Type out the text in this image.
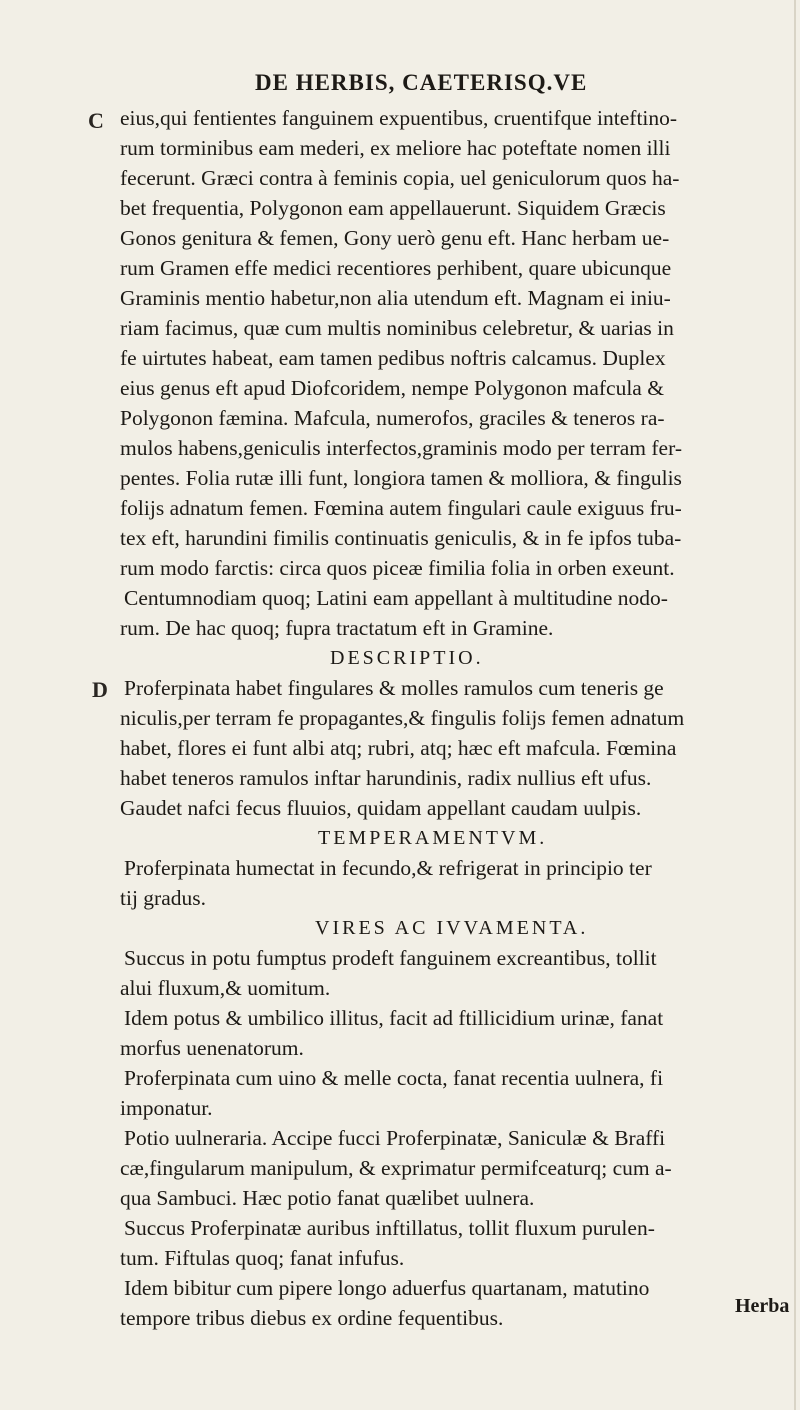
DE HERBIS, CAETERISQ.VE
C
D
eius,qui fentientes fanguinem expuentibus, cruentifque inteftino-
rum torminibus eam mederi, ex meliore hac poteftate nomen illi
fecerunt. Græci contra à feminis copia, uel geniculorum quos ha-
bet frequentia, Polygonon eam appellauerunt. Siquidem Græcis
Gonos genitura & femen, Gony uerò genu eft. Hanc herbam ue-
rum Gramen effe medici recentiores perhibent, quare ubicunque
Graminis mentio habetur,non alia utendum eft. Magnam ei iniu-
riam facimus, quæ cum multis nominibus celebretur, & uarias in
fe uirtutes habeat, eam tamen pedibus noftris calcamus. Duplex
eius genus eft apud Diofcoridem, nempe Polygonon mafcula &
Polygonon fæmina. Mafcula, numerofos, graciles & teneros ra-
mulos habens,geniculis interfectos,graminis modo per terram fer-
pentes. Folia rutæ illi funt, longiora tamen & molliora, & fingulis
folijs adnatum femen. Fœmina autem fingulari caule exiguus fru-
tex eft, harundini fimilis continuatis geniculis, & in fe ipfos tuba-
rum modo farctis: circa quos piceæ fimilia folia in orben exeunt.
Centumnodiam quoq; Latini eam appellant à multitudine nodo-
rum. De hac quoq; fupra tractatum eft in Gramine.
DESCRIPTIO.
Proferpinata habet fingulares & molles ramulos cum teneris ge
niculis,per terram fe propagantes,& fingulis folijs femen adnatum
habet, flores ei funt albi atq; rubri, atq; hæc eft mafcula. Fœmina
habet teneros ramulos inftar harundinis, radix nullius eft ufus.
Gaudet nafci fecus fluuios, quidam appellant caudam uulpis.
TEMPERAMENTVM.
Proferpinata humectat in fecundo,& refrigerat in principio ter
tij gradus.
VIRES AC IVVAMENTA.
Succus in potu fumptus prodeft fanguinem excreantibus, tollit
alui fluxum,& uomitum.
Idem potus & umbilico illitus, facit ad ftillicidium urinæ, fanat
morfus uenenatorum.
Proferpinata cum uino & melle cocta, fanat recentia uulnera, fi
imponatur.
Potio uulneraria. Accipe fucci Proferpinatæ, Saniculæ & Braffi
cæ,fingularum manipulum, & exprimatur permifceaturq; cum a-
qua Sambuci. Hæc potio fanat quælibet uulnera.
Succus Proferpinatæ auribus inftillatus, tollit fluxum purulen-
tum. Fiftulas quoq; fanat infufus.
Idem bibitur cum pipere longo aduerfus quartanam, matutino
tempore tribus diebus ex ordine fequentibus.	Herba
